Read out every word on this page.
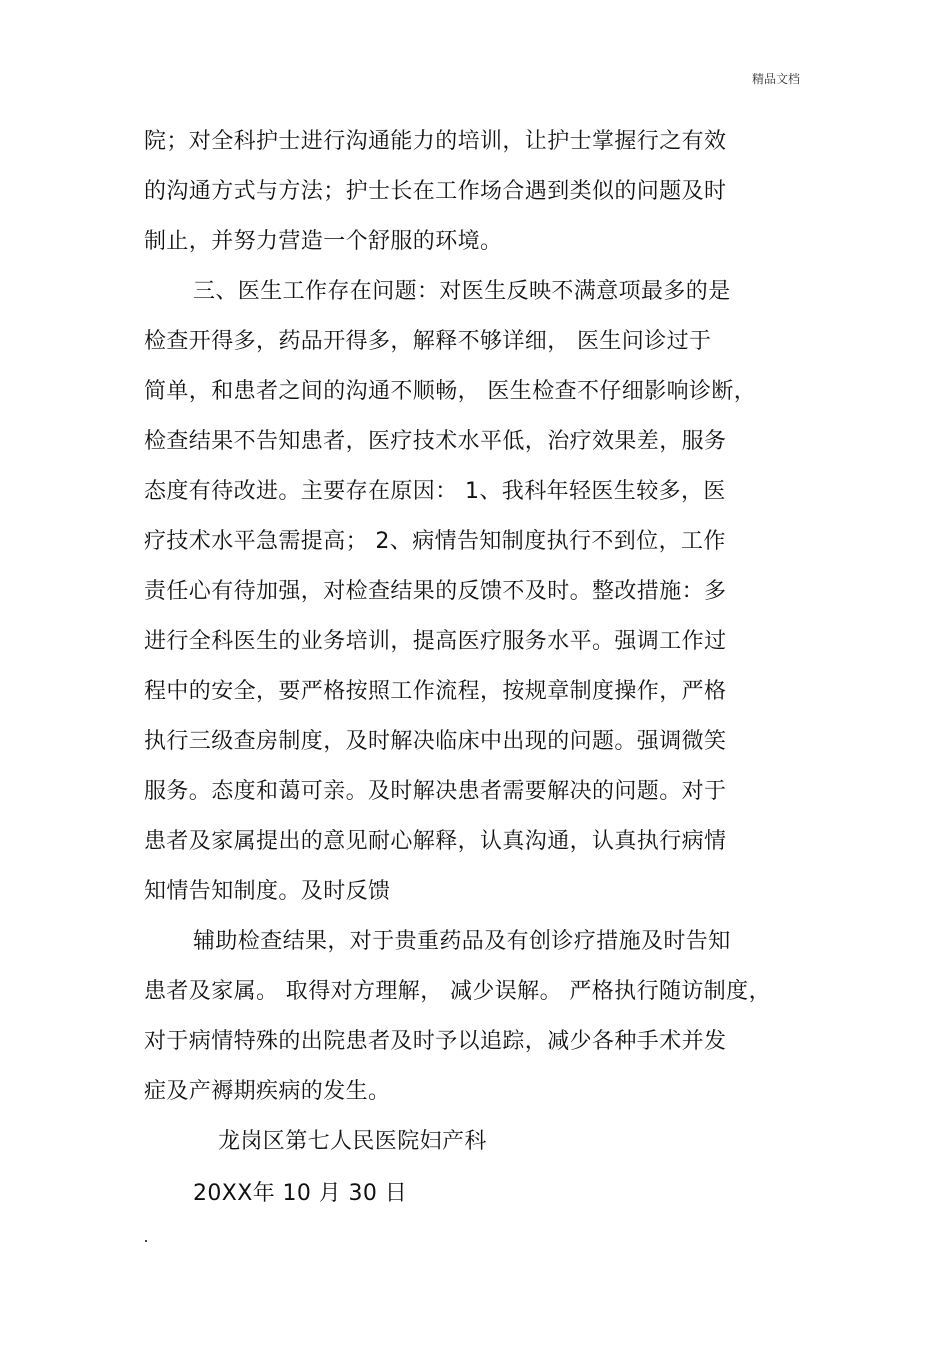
精品文档
院；对全科护士进行沟通能力的培训，让护士掌握行之有效
的沟通方式与方法；护士长在工作场合遇到类似的问题及时
制止，并努力营造一个舒服的环境。
三、医生工作存在问题：对医生反映不满意项最多的是
检查开得多，药品开得多，解释不够详细， 医生问诊过于
简单，和患者之间的沟通不顺畅， 医生检查不仔细影响诊断，
检查结果不告知患者，医疗技术水平低，治疗效果差，服务
态度有待改进。主要存在原因： 1、我科年轻医生较多，医
疗技术水平急需提高； 2、病情告知制度执行不到位，工作
责任心有待加强，对检查结果的反馈不及时。整改措施：多
进行全科医生的业务培训，提高医疗服务水平。强调工作过
程中的安全，要严格按照工作流程，按规章制度操作，严格
执行三级查房制度，及时解决临床中出现的问题。强调微笑
服务。态度和蔼可亲。及时解决患者需要解决的问题。对于
患者及家属提出的意见耐心解释，认真沟通，认真执行病情
知情告知制度。及时反馈
辅助检查结果，对于贵重药品及有创诊疗措施及时告知
患者及家属。 取得对方理解， 减少误解。 严格执行随访制度，
对于病情特殊的出院患者及时予以追踪，减少各种手术并发
症及产褥期疾病的发生。
龙岗区第七人民医院妇产科
20XX年 10 月 30 日
